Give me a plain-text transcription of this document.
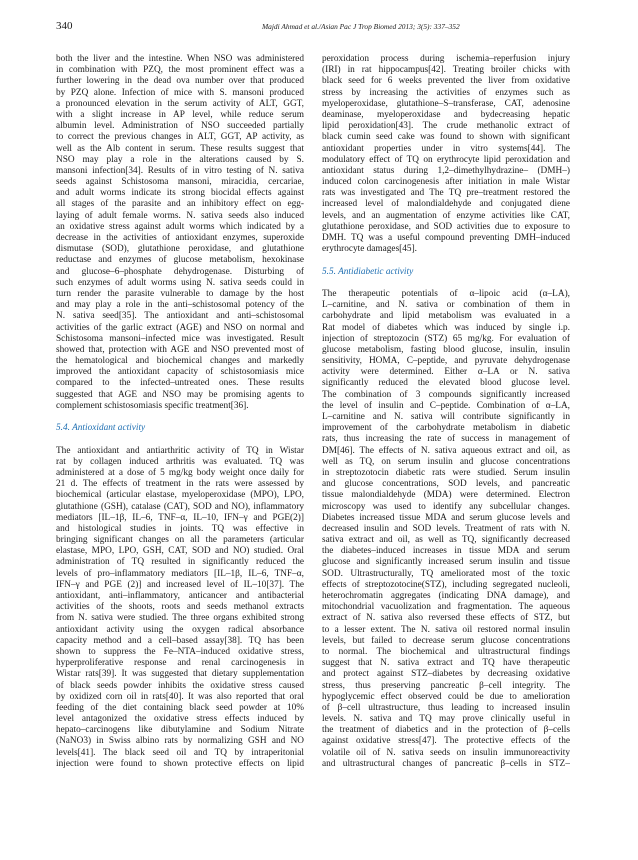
340	Majdi Ahmad et al./Asian Pac J Trop Biomed 2013; 3(5): 337–352

both the liver and the intestine. When NSO was administered

in combination with PZQ, the most prominent effect was a

further lowering in the dead ova number over that produced

by PZQ alone. Infection of mice with S. mansoni produced

a pronounced elevation in the serum activity of ALT, GGT,

with a slight increase in AP level, while reduce serum

albumin level. Administration of NSO succeeded partially

to correct the previous changes in ALT, GGT, AP activity, as

well as the Alb content in serum. These results suggest that

NSO may play a role in the alterations caused by S.

mansoni infection[34]. Results of in vitro testing of N. sativa

seeds against Schistosoma mansoni, miracidia, cercariae,

and adult worms indicate its strong biocidal effects against

all stages of the parasite and an inhibitory effect on egg-

laying of adult female worms. N. sativa seeds also induced

an oxidative stress against adult worms which indicated by a

decrease in the activities of antioxidant enzymes, superoxide

dismutase (SOD), glutathione peroxidase, and glutathione

reductase and enzymes of glucose metabolism, hexokinase

and glucose–6–phosphate dehydrogenase. Disturbing of

such enzymes of adult worms using N. sativa seeds could in

turn render the parasite vulnerable to damage by the host

and may play a role in the anti–schistosomal potency of the

N. sativa seed[35]. The antioxidant and anti–schistosomal

activities of the garlic extract (AGE) and NSO on normal and

Schistosoma mansoni–infected mice was investigated. Result

showed that, protection with AGE and NSO prevented most of

the hematological and biochemical changes and markedly

improved the antioxidant capacity of schistosomiasis mice

compared to the infected–untreated ones. These results

suggested that AGE and NSO may be promising agents to

complement schistosomiasis specific treatment[36].

5.4. Antioxidant activity

The antioxidant and antiarthritic activity of TQ in Wistar

rat by collagen induced arthritis was evaluated. TQ was

administered at a dose of 5 mg/kg body weight once daily for

21 d. The effects of treatment in the rats were assessed by

biochemical (articular elastase, myeloperoxidase (MPO), LPO,

glutathione (GSH), catalase (CAT), SOD and NO), inflammatory

mediators [IL–1β, IL–6, TNF–α, IL–10, IFN–γ and PGE(2)]

and histological studies in joints. TQ was effective in

bringing significant changes on all the parameters (articular

elastase, MPO, LPO, GSH, CAT, SOD and NO) studied. Oral

administration of TQ resulted in significantly reduced the

levels of pro–inflammatory mediators [IL–1β, IL–6, TNF–α,

IFN–γ and PGE (2)] and increased level of IL–10[37]. The

antioxidant, anti–inflammatory, anticancer and antibacterial

activities of the shoots, roots and seeds methanol extracts

from N. sativa were studied. The three organs exhibited strong

antioxidant activity using the oxygen radical absorbance

capacity method and a cell–based assay[38]. TQ has been

shown to suppress the Fe–NTA–induced oxidative stress,

hyperproliferative response and renal carcinogenesis in

Wistar rats[39]. It was suggested that dietary supplementation

of black seeds powder inhibits the oxidative stress caused

by oxidized corn oil in rats[40]. It was also reported that oral

feeding of the diet containing black seed powder at 10%

level antagonized the oxidative stress effects induced by

hepato–carcinogens like dibutylamine and Sodium Nitrate

(NaNO3) in Swiss albino rats by normalizing GSH and NO

levels[41]. The black seed oil and TQ by intraperitonial

injection were found to shown protective effects on lipid

peroxidation process during ischemia–reperfusion injury

(IRI) in rat hippocampus[42]. Treating broiler chicks with

black seed for 6 weeks prevented the liver from oxidative

stress by increasing the activities of enzymes such as

myeloperoxidase, glutathione–S–transferase, CAT, adenosine

deaminase, myeloperoxidase and bydecreasing hepatic

lipid peroxidation[43]. The crude methanolic extract of

black cumin seed cake was found to shown with significant

antioxidant properties under in vitro systems[44]. The

modulatory effect of TQ on erythrocyte lipid peroxidation and

antioxidant status during 1,2–dimethylhydrazine– (DMH–)

induced colon carcinogenesis after initiation in male Wistar

rats was investigated and The TQ pre–treatment restored the

increased level of malondialdehyde and conjugated diene

levels, and an augmentation of enzyme activities like CAT,

glutathione peroxidase, and SOD activities due to exposure to

DMH. TQ was a useful compound preventing DMH–induced

erythrocyte damages[45].

5.5. Antidiabetic activity

The therapeutic potentials of α–lipoic acid (α–LA),

L–carnitine, and N. sativa or combination of them in

carbohydrate and lipid metabolism was evaluated in a

Rat model of diabetes which was induced by single i.p.

injection of streptozocin (STZ) 65 mg/kg. For evaluation of

glucose metabolism, fasting blood glucose, insulin, insulin

sensitivity, HOMA, C–peptide, and pyruvate dehydrogenase

activity were determined. Either α–LA or N. sativa

significantly reduced the elevated blood glucose level.

The combination of 3 compounds significantly increased

the level of insulin and C–peptide. Combination of α–LA,

L–carnitine and N. sativa will contribute significantly in

improvement of the carbohydrate metabolism in diabetic

rats, thus increasing the rate of success in management of

DM[46]. The effects of N. sativa aqueous extract and oil, as

well as TQ, on serum insulin and glucose concentrations

in streptozotocin diabetic rats were studied. Serum insulin

and glucose concentrations, SOD levels, and pancreatic

tissue malondialdehyde (MDA) were determined. Electron

microscopy was used to identify any subcellular changes.

Diabetes increased tissue MDA and serum glucose levels and

decreased insulin and SOD levels. Treatment of rats with N.

sativa extract and oil, as well as TQ, significantly decreased

the diabetes–induced increases in tissue MDA and serum

glucose and significantly increased serum insulin and tissue

SOD. Ultrastructurally, TQ ameliorated most of the toxic

effects of streptozotocine(STZ), including segregated nucleoli,

heterochromatin aggregates (indicating DNA damage), and

mitochondrial vacuolization and fragmentation. The aqueous

extract of N. sativa also reversed these effects of STZ, but

to a lesser extent. The N. sativa oil restored normal insulin

levels, but failed to decrease serum glucose concentrations

to normal. The biochemical and ultrastructural findings

suggest that N. sativa extract and TQ have therapeutic

and protect against STZ–diabetes by decreasing oxidative

stress, thus preserving pancreatic β–cell integrity. The

hypoglycemic effect observed could be due to amelioration

of β–cell ultrastructure, thus leading to increased insulin

levels. N. sativa and TQ may prove clinically useful in

the treatment of diabetics and in the protection of β–cells

against oxidative stress[47]. The protective effects of the

volatile oil of N. sativa seeds on insulin immunoreactivity

and ultrastructural changes of pancreatic β–cells in STZ–
